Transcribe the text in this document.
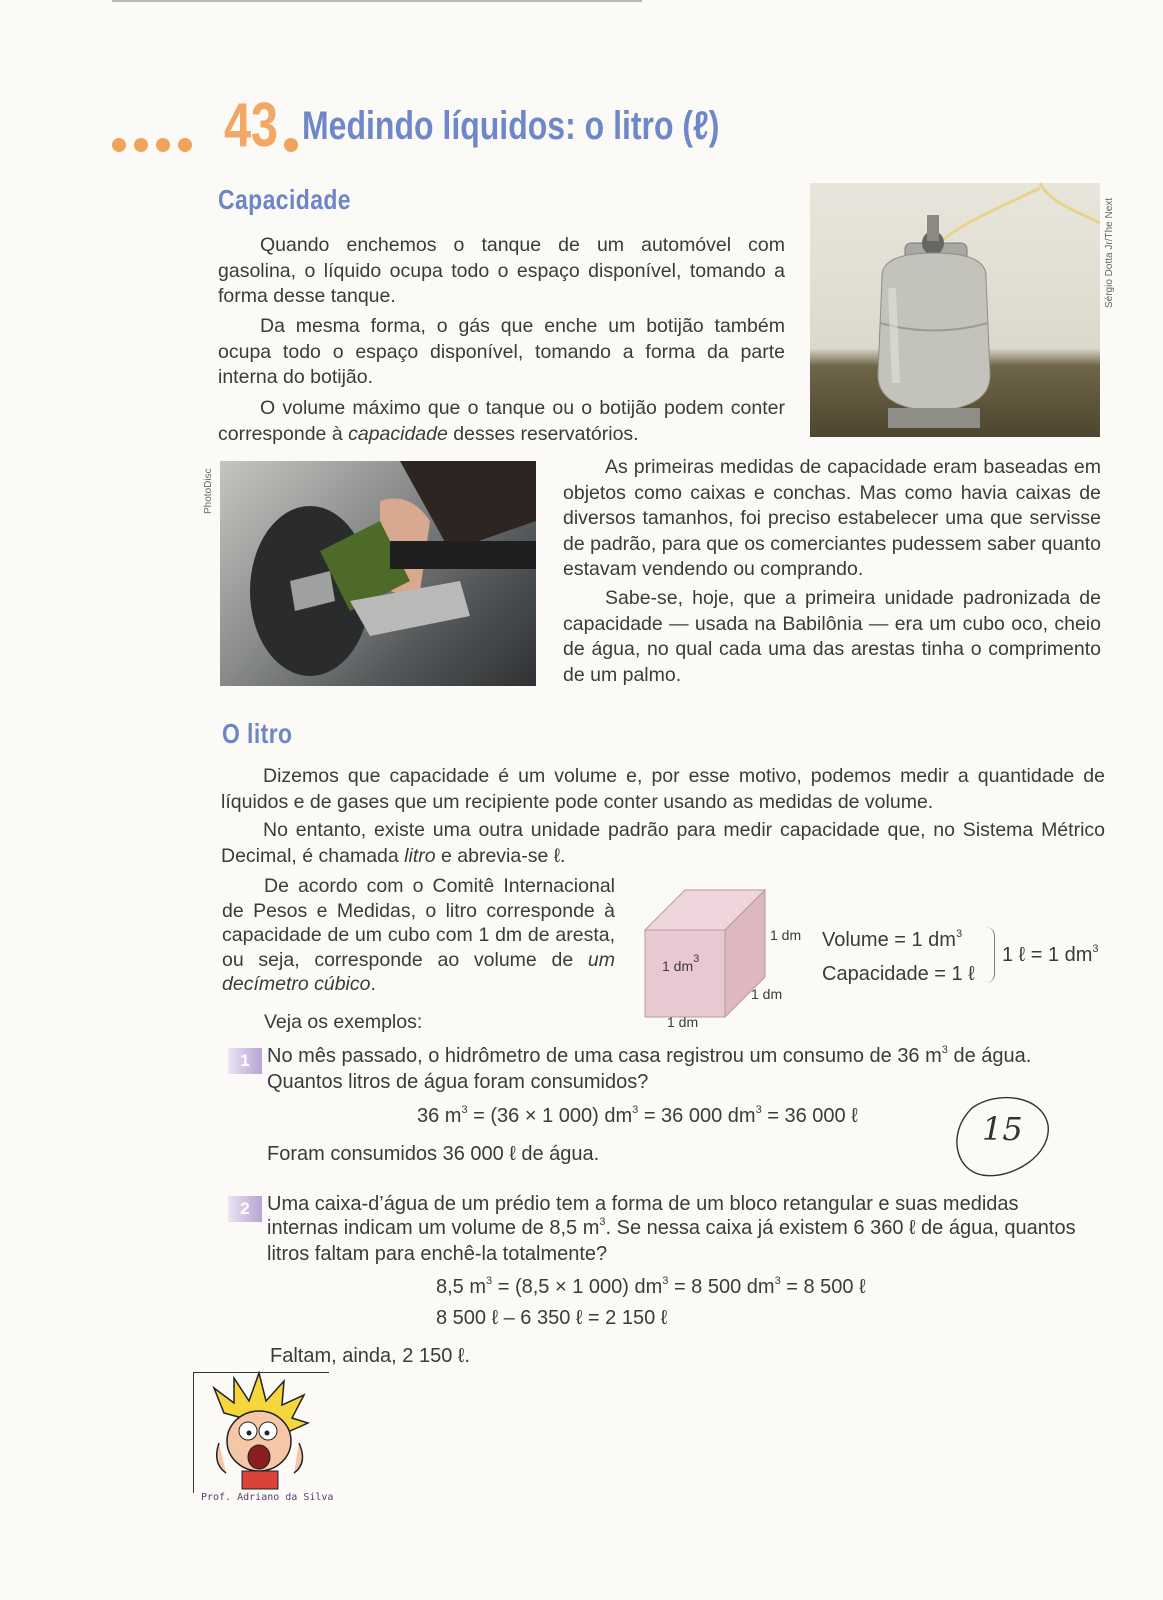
43 Medindo líquidos: o litro (ℓ)
Capacidade

Quando enchemos o tanque de um automóvel com gasolina, o líquido ocupa todo o espaço disponível, tomando a forma desse tanque.

Da mesma forma, o gás que enche um botijão também ocupa todo o espaço disponível, tomando a forma da parte interna do botijão.

O volume máximo que o tanque ou o botijão podem conter corresponde à capacidade desses reservatórios.

Sérgio Dotta Jr/The Next
PhotoDisc

As primeiras medidas de capacidade eram baseadas em objetos como caixas e conchas. Mas como havia caixas de diversos tamanhos, foi preciso estabelecer uma que servisse de padrão, para que os comerciantes pudessem saber quanto estavam vendendo ou comprando.

Sabe-se, hoje, que a primeira unidade padronizada de capacidade — usada na Babilônia — era um cubo oco, cheio de água, no qual cada uma das arestas tinha o comprimento de um palmo.

O litro

Dizemos que capacidade é um volume e, por esse motivo, podemos medir a quantidade de líquidos e de gases que um recipiente pode conter usando as medidas de volume.

No entanto, existe uma outra unidade padrão para medir capacidade que, no Sistema Métrico Decimal, é chamada litro e abrevia-se ℓ.

De acordo com o Comitê Internacional de Pesos e Medidas, o litro corresponde à capacidade de um cubo com 1 dm de aresta, ou seja, corresponde ao volume de um decímetro cúbico.

Veja os exemplos:

1 $dm^3$
1 dm
1 dm
1 dm
Volume = 1 $dm^3$
Capacidade = 1 ℓ
1 ℓ = 1 $dm^3$
1 No mês passado, o hidrômetro de uma casa registrou um consumo de 36 $m^3$ de água.
Quantos litros de água foram consumidos?
36 $m^3 = (36 \times 1$ 000) $dm^3 = 36$ 000 $dm^3 = 36$ 000 ℓ
Foram consumidos 36 000 ℓ de água.
15
2 Uma caixa-d’água de um prédio tem a forma de um bloco retangular e suas medidas
internas indicam um volume de 8,5 $m^3$. Se nessa caixa já existem 6 360 ℓ de água, quantos
litros faltam para enchê-la totalmente?
8,5 $m^3 = (8,5 \times 1$ 000) $dm^3 = 8$ 500 $dm^3 = 8$ 500 ℓ
8 500 ℓ – 6 350 ℓ = 2 150 ℓ
Faltam, ainda, 2 150 ℓ.
Prof. Adriano da Silva
